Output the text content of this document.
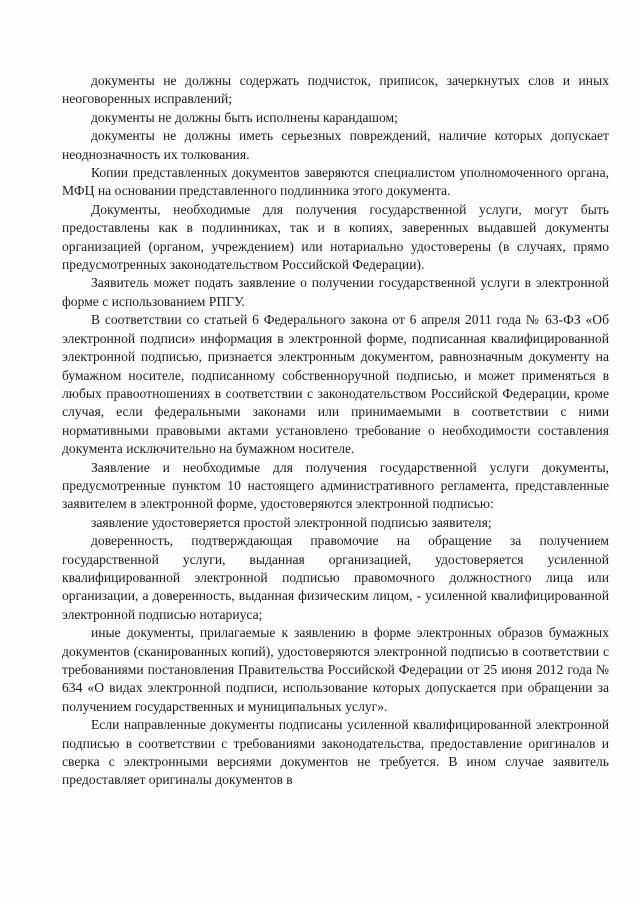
документы не должны содержать подчисток, приписок, зачеркнутых слов и иных неоговоренных исправлений;

документы не должны быть исполнены карандашом;

документы не должны иметь серьезных повреждений, наличие которых допускает неоднозначность их толкования.

Копии представленных документов заверяются специалистом уполномоченного органа, МФЦ на основании представленного подлинника этого документа.

Документы, необходимые для получения государственной услуги, могут быть предоставлены как в подлинниках, так и в копиях, заверенных выдавшей документы организацией (органом, учреждением) или нотариально удостоверены (в случаях, прямо предусмотренных законодательством Российской Федерации).

Заявитель может подать заявление о получении государственной услуги в электронной форме с использованием РПГУ.

В соответствии со статьей 6 Федерального закона от 6 апреля 2011 года № 63-ФЗ «Об электронной подписи» информация в электронной форме, подписанная квалифицированной электронной подписью, признается электронным документом, равнозначным документу на бумажном носителе, подписанному собственноручной подписью, и может применяться в любых правоотношениях в соответствии с законодательством Российской Федерации, кроме случая, если федеральными законами или принимаемыми в соответствии с ними нормативными правовыми актами установлено требование о необходимости составления документа исключительно на бумажном носителе.

Заявление и необходимые для получения государственной услуги документы, предусмотренные пунктом 10 настоящего административного регламента, представленные заявителем в электронной форме, удостоверяются электронной подписью:

заявление удостоверяется простой электронной подписью заявителя;

доверенность, подтверждающая правомочие на обращение за получением государственной услуги, выданная организацией, удостоверяется усиленной квалифицированной электронной подписью правомочного должностного лица или организации, а доверенность, выданная физическим лицом, - усиленной квалифицированной электронной подписью нотариуса;

иные документы, прилагаемые к заявлению в форме электронных образов бумажных документов (сканированных копий), удостоверяются электронной подписью в соответствии с требованиями постановления Правительства Российской Федерации от 25 июня 2012 года № 634 «О видах электронной подписи, использование которых допускается при обращении за получением государственных и муниципальных услуг».

Если направленные документы подписаны усиленной квалифицированной электронной подписью в соответствии с требованиями законодательства, предоставление оригиналов и сверка с электронными версиями документов не требуется. В ином случае заявитель предоставляет оригиналы документов в
